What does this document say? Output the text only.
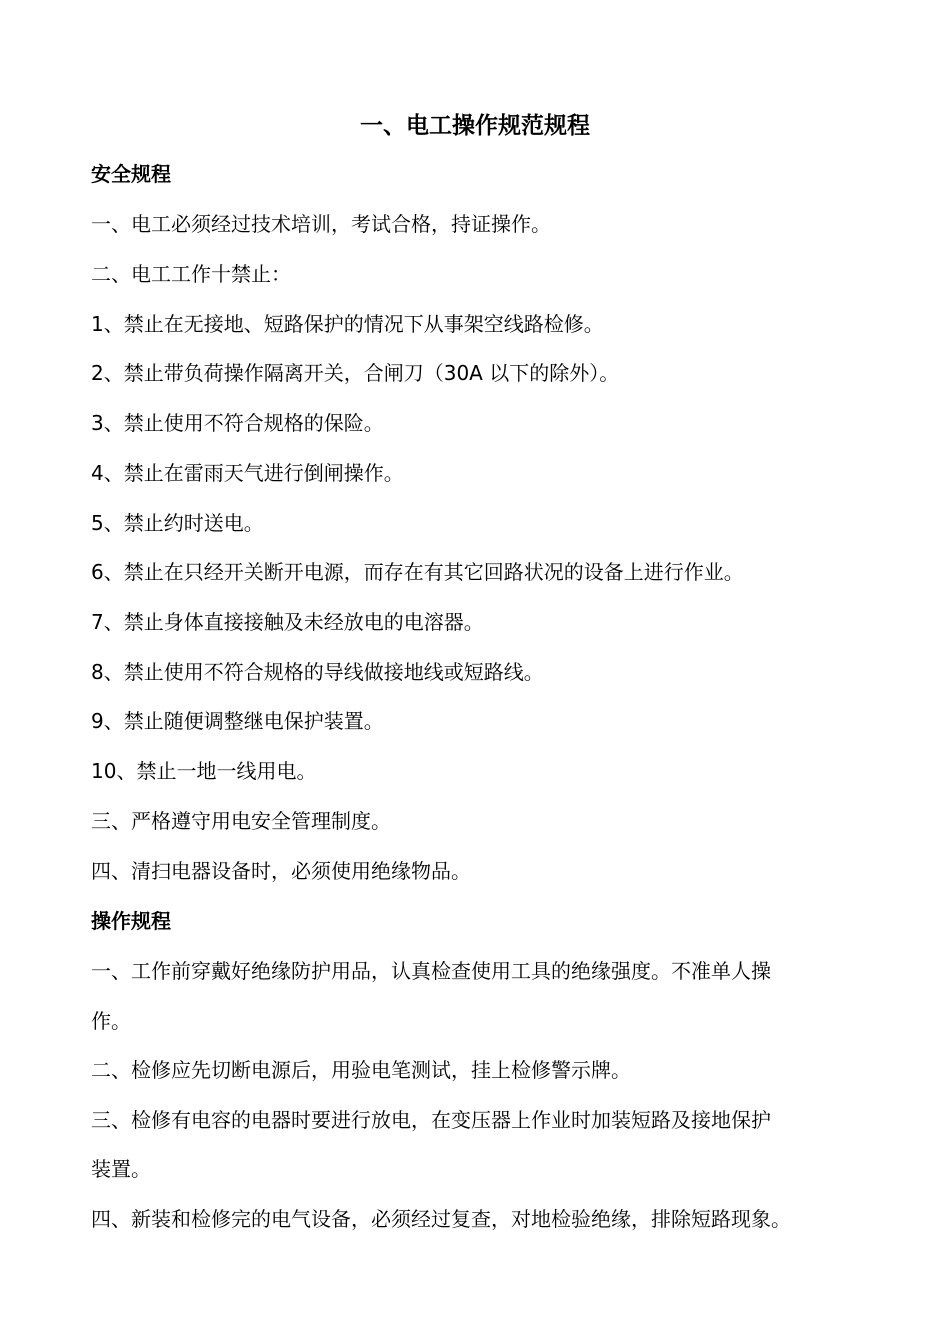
一、电工操作规范规程
安全规程
一、电工必须经过技术培训，考试合格，持证操作。
二、电工工作十禁止：
1、禁止在无接地、短路保护的情况下从事架空线路检修。
2、禁止带负荷操作隔离开关，合闸刀（30A 以下的除外）。
3、禁止使用不符合规格的保险。
4、禁止在雷雨天气进行倒闸操作。
5、禁止约时送电。
6、禁止在只经开关断开电源，而存在有其它回路状况的设备上进行作业。
7、禁止身体直接接触及未经放电的电溶器。
8、禁止使用不符合规格的导线做接地线或短路线。
9、禁止随便调整继电保护装置。
10、禁止一地一线用电。
三、严格遵守用电安全管理制度。
四、清扫电器设备时，必须使用绝缘物品。
操作规程
一、工作前穿戴好绝缘防护用品，认真检查使用工具的绝缘强度。不准单人操
作。
二、检修应先切断电源后，用验电笔测试，挂上检修警示牌。
三、检修有电容的电器时要进行放电，在变压器上作业时加装短路及接地保护
装置。
四、新装和检修完的电气设备，必须经过复查，对地检验绝缘，排除短路现象。
